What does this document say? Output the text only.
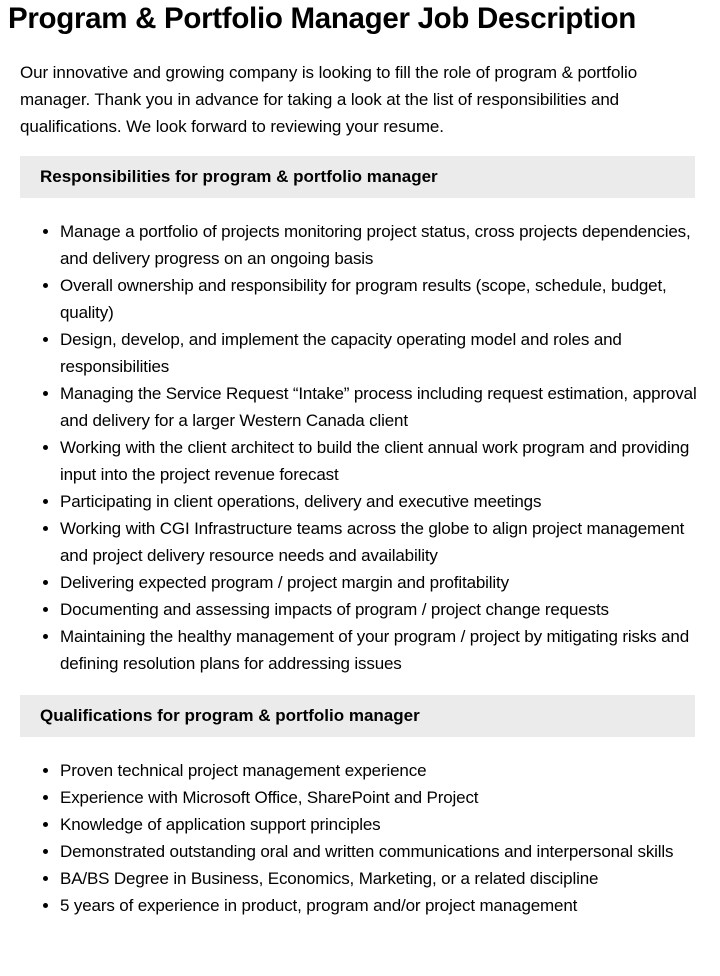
Program & Portfolio Manager Job Description

Our innovative and growing company is looking to fill the role of program & portfolio manager. Thank you in advance for taking a look at the list of responsibilities and qualifications. We look forward to reviewing your resume.

Responsibilities for program & portfolio manager
• Manage a portfolio of projects monitoring project status, cross projects dependencies, and delivery progress on an ongoing basis
• Overall ownership and responsibility for program results (scope, schedule, budget, quality)
• Design, develop, and implement the capacity operating model and roles and responsibilities
• Managing the Service Request “Intake” process including request estimation, approval and delivery for a larger Western Canada client
• Working with the client architect to build the client annual work program and providing input into the project revenue forecast
• Participating in client operations, delivery and executive meetings
• Working with CGI Infrastructure teams across the globe to align project management and project delivery resource needs and availability
• Delivering expected program / project margin and profitability
• Documenting and assessing impacts of program / project change requests
• Maintaining the healthy management of your program / project by mitigating risks and defining resolution plans for addressing issues
Qualifications for program & portfolio manager
• Proven technical project management experience
• Experience with Microsoft Office, SharePoint and Project
• Knowledge of application support principles
• Demonstrated outstanding oral and written communications and interpersonal skills
• BA/BS Degree in Business, Economics, Marketing, or a related discipline
• 5 years of experience in product, program and/or project management
